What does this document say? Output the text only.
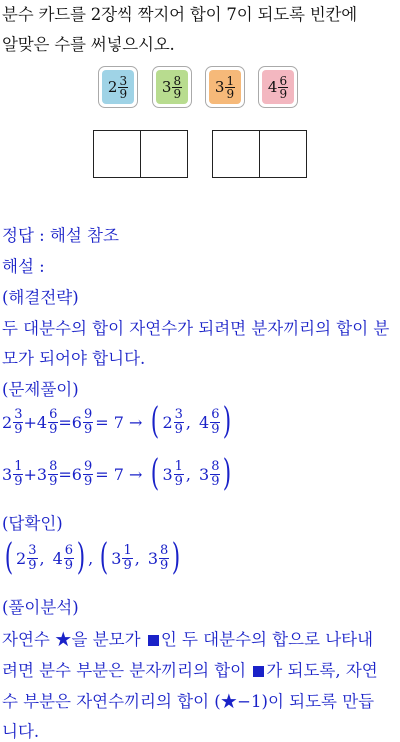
분수 카드를 2장씩 짝지어 합이 7이 되도록 빈칸에
알맞은 수를 써넣으시오.
$2 \frac{3}{9} 3 \frac{8}{9} 3 \frac{1}{9} 4 \frac{6}{9}$
정답 : 해설 참조
해설 :
(해결전략)
두 대분수의 합이 자연수가 되려면 분자끼리의 합이 분
모가 되어야 합니다.
(문제풀이)
$2 \frac{3}{9} + 4 \frac{6}{9} = 6 \frac{9}{9} = 7$ → ( $2 \frac{3}{9}$ , $4 \frac{6}{9}$ )
$3 \frac{1}{9} + 3 \frac{8}{9} = 6 \frac{9}{9} = 7$ → ( $3 \frac{1}{9}$ , $3 \frac{8}{9}$ )
(답확인)
( $2 \frac{3}{9}$ , $4 \frac{6}{9}$ ) , ( $3 \frac{1}{9}$ , $3 \frac{8}{9}$ )
(풀이분석)
자연수 ★을 분모가 인 두 대분수의 합으로 나타내
려면 분수 부분은 분자끼리의 합이 가 되도록, 자연
수 부분은 자연수끼리의 합이 (★−1)이 되도록 만듭
니다.
